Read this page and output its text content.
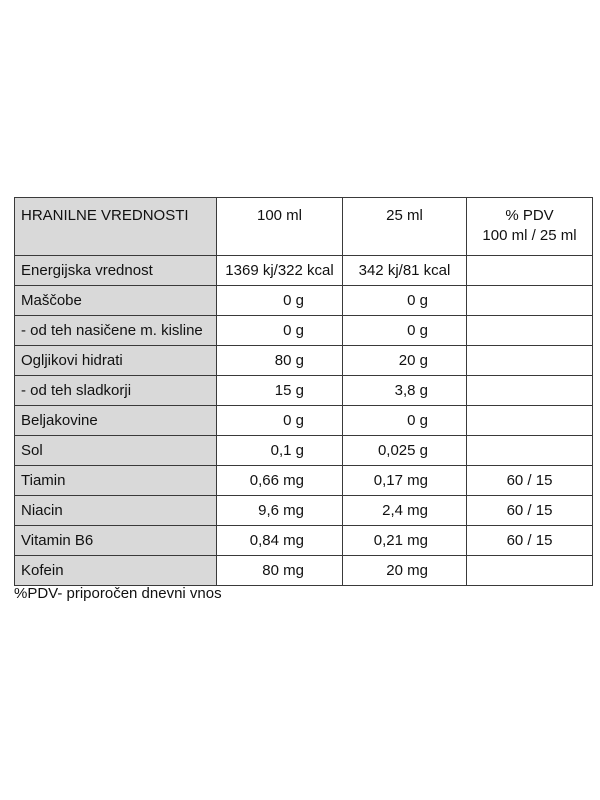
HRANILNE VREDNOSTI	100 ml	25 ml	% PDV
100 ml / 25 ml

Energijska vrednost	1369 kj/322 kcal	342 kj/81 kcal	
Maščobe	0 g	0 g	
- od teh nasičene m. kisline	0 g	0 g	
Ogljikovi hidrati	80 g	20 g	
- od teh sladkorji	15 g	3,8 g	
Beljakovine	0 g	0 g	
Sol	0,1 g	0,025 g	
Tiamin	0,66 mg	0,17 mg	60 / 15
Niacin	9,6 mg	2,4 mg	60 / 15
Vitamin B6	0,84 mg	0,21 mg	60 / 15
Kofein	80 mg	20 mg	
%PDV- priporočen dnevni vnos
